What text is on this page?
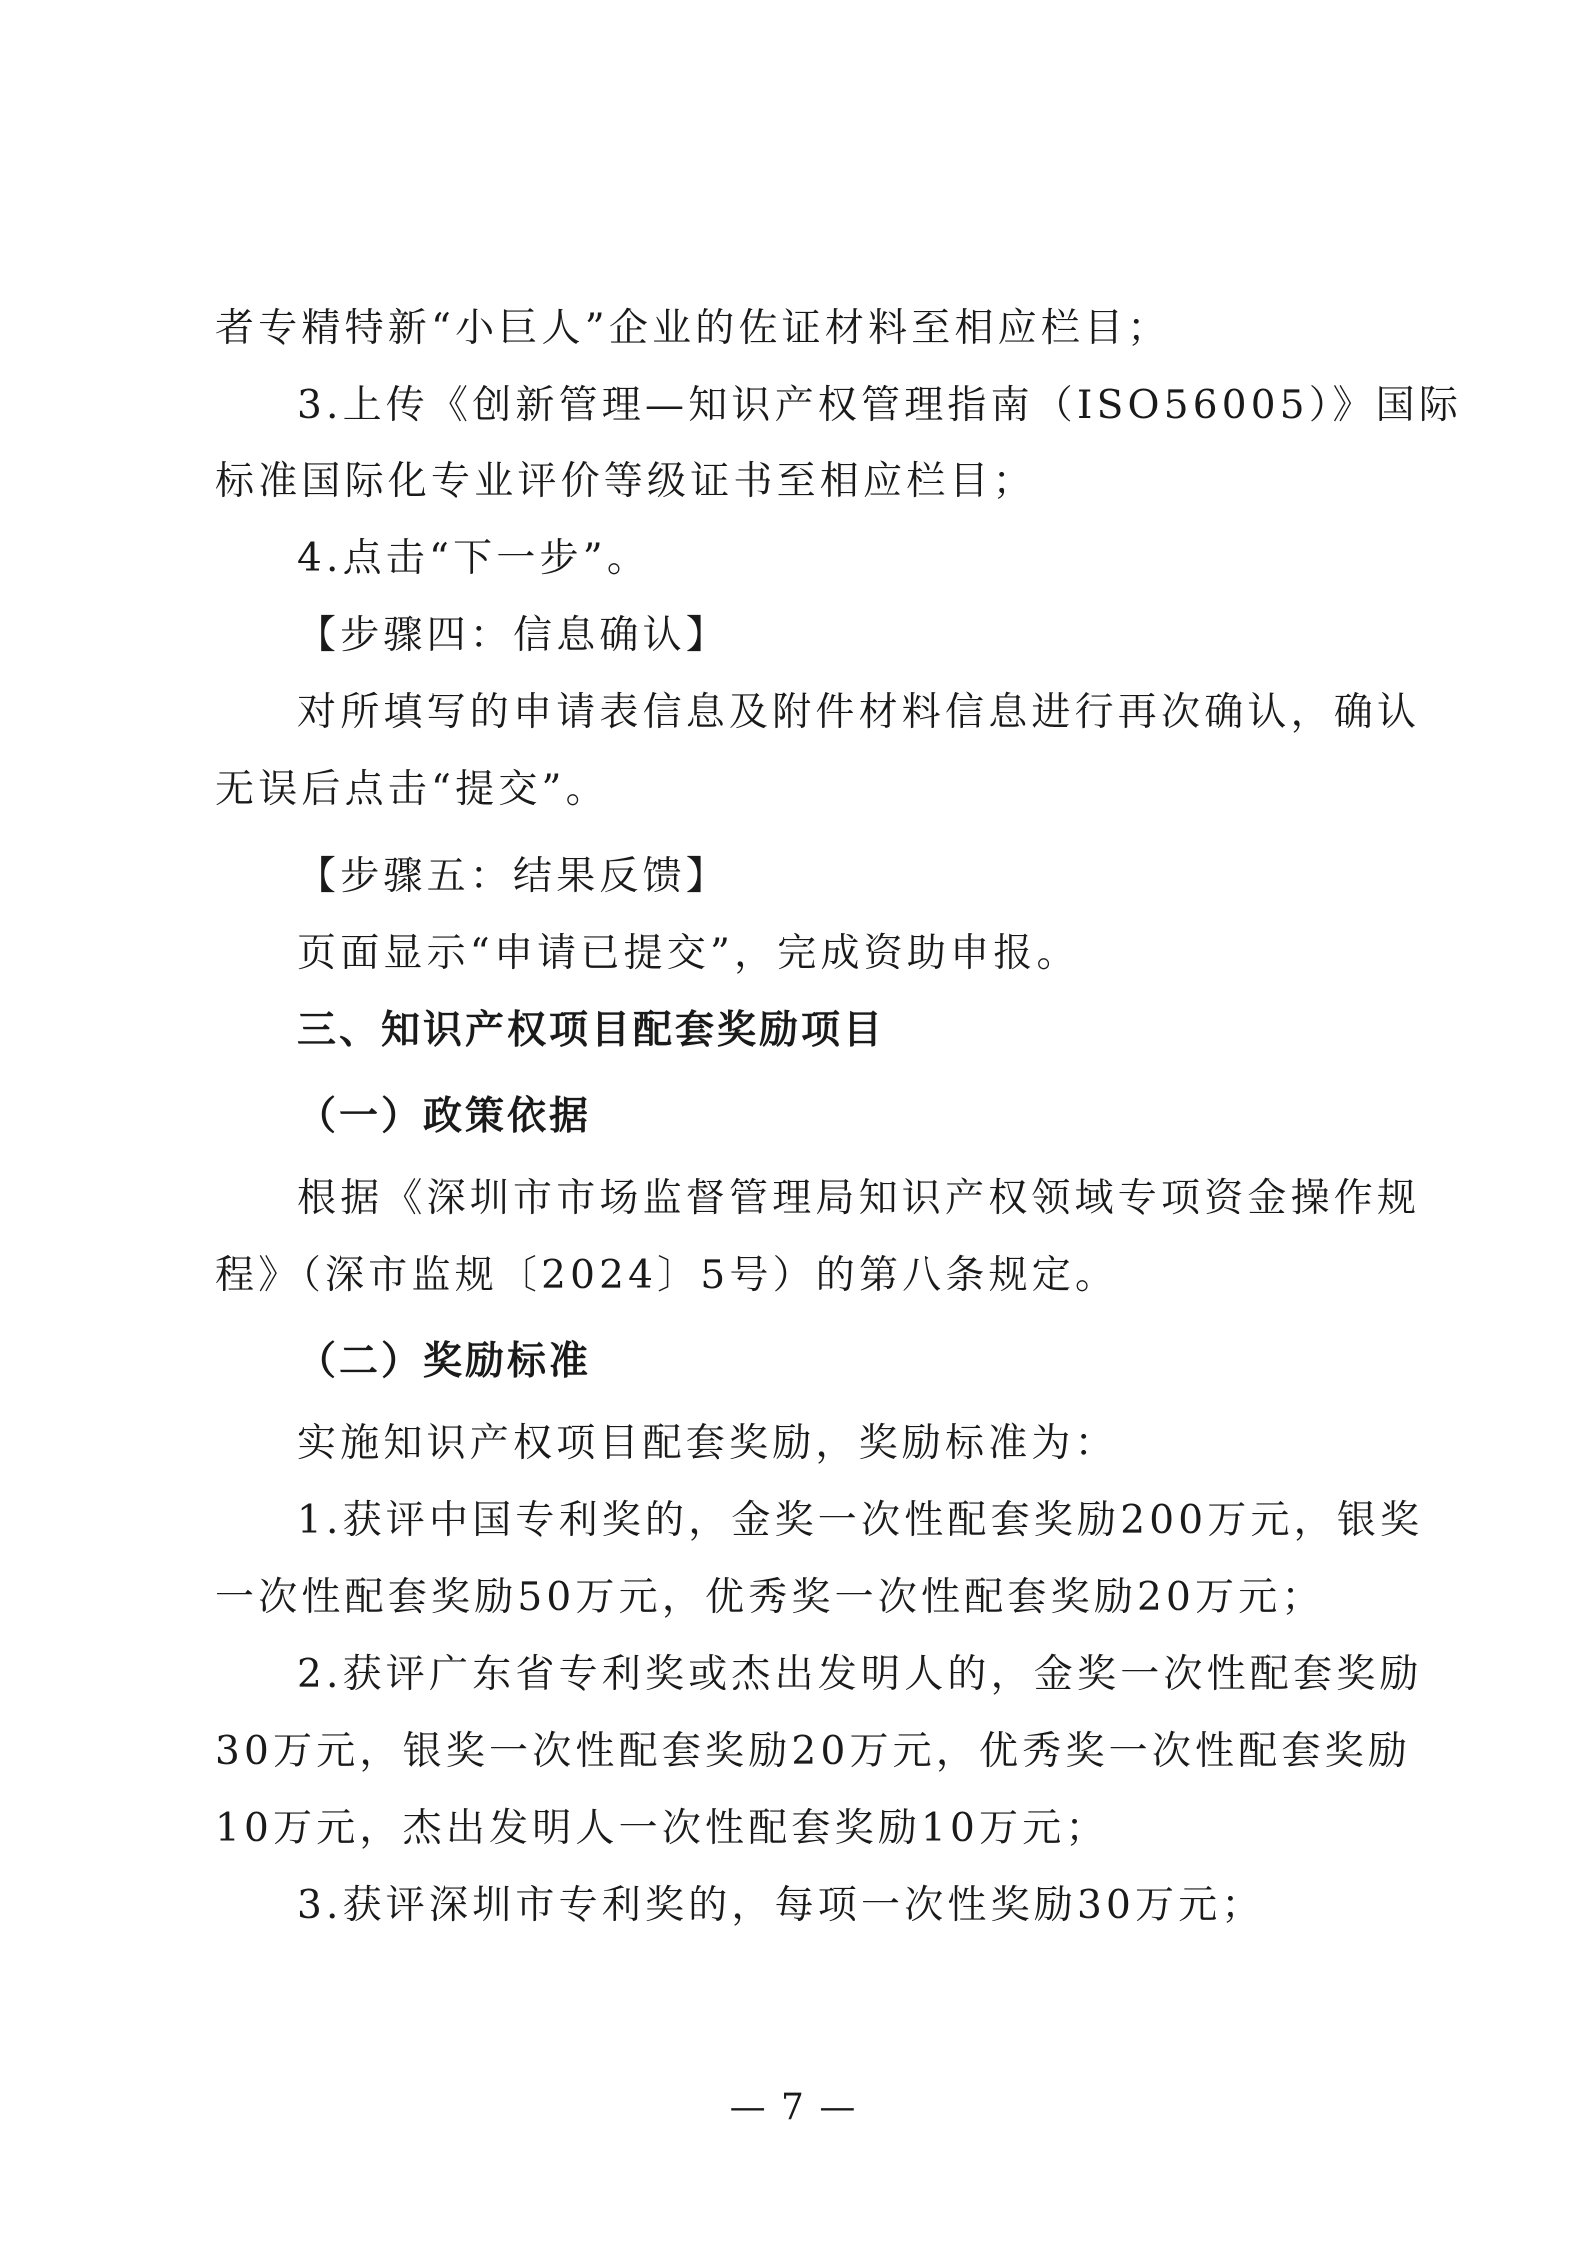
者专精特新“小巨人”企业的佐证材料至相应栏目；
3.上传《创新管理—知识产权管理指南（ISO56005）》国际
标准国际化专业评价等级证书至相应栏目；
4.点击“下一步”。
【步骤四：信息确认】
对所填写的申请表信息及附件材料信息进行再次确认，确认
无误后点击“提交”。
【步骤五：结果反馈】
页面显示“申请已提交”，完成资助申报。
三、知识产权项目配套奖励项目
（一）政策依据
根据《深圳市市场监督管理局知识产权领域专项资金操作规
程》（深市监规〔2024〕5号）的第八条规定。
（二）奖励标准
实施知识产权项目配套奖励，奖励标准为：
1.获评中国专利奖的，金奖一次性配套奖励200万元，银奖
一次性配套奖励50万元，优秀奖一次性配套奖励20万元；
2.获评广东省专利奖或杰出发明人的，金奖一次性配套奖励
30万元，银奖一次性配套奖励20万元，优秀奖一次性配套奖励
10万元，杰出发明人一次性配套奖励10万元；
3.获评深圳市专利奖的，每项一次性奖励30万元；
— 7 —
